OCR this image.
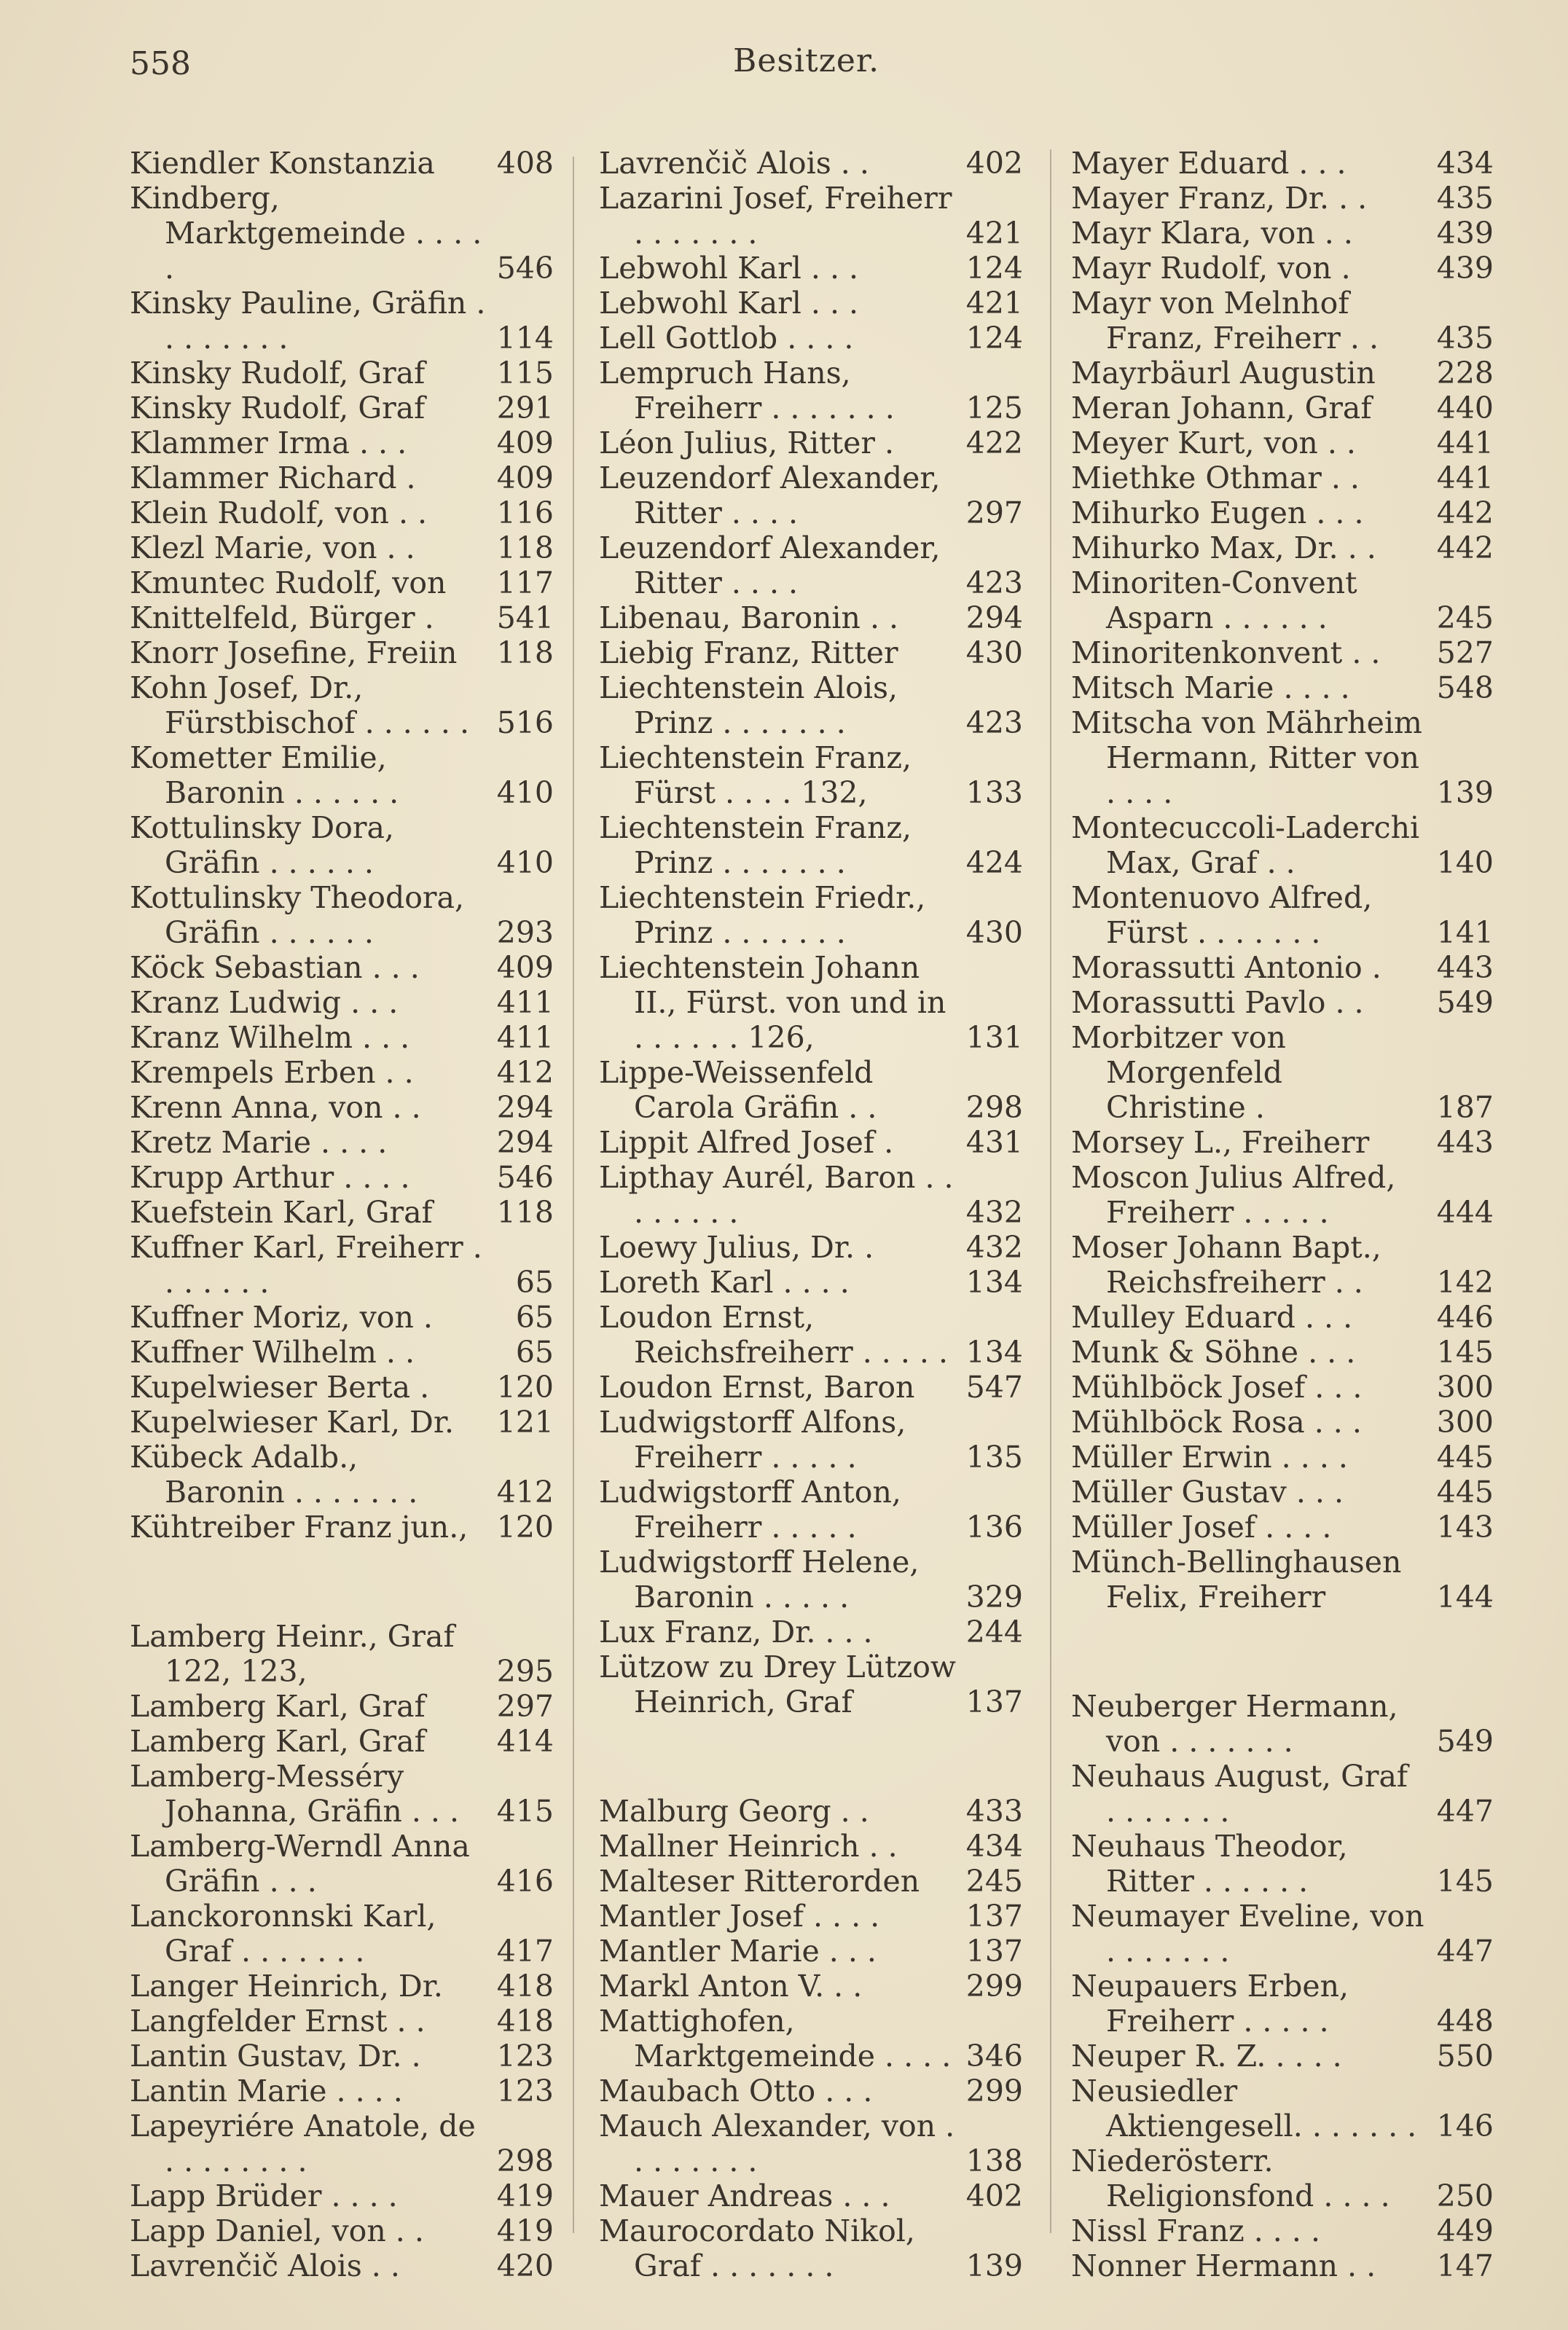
558	Besitzer.
Kiendler Konstanzia 408
Kindberg, Marktgemeinde . . . . .	546
Kinsky Pauline, Gräfin . . . . . . . .	114
Kinsky Rudolf, Graf 115
Kinsky Rudolf, Graf 291
Klammer Irma . . .	409
Klammer Richard .	409
Klein Rudolf, von . . 116
Klezl Marie, von . .	118
Kmuntec Rudolf, von 117
Knittelfeld, Bürger . 541
Knorr Josefine, Freiin 118
Kohn Josef, Dr., Fürstbischof . . . . . . 516
Kometter Emilie, Baronin . . . . . .	410
Kottulinsky Dora, Gräfin . . . . . .	410
Kottulinsky Theodora, Gräfin . . . . . .	293
Köck Sebastian . . .	409
Kranz Ludwig . . .	411
Kranz Wilhelm . . .	411
Krempels Erben . .	412
Krenn Anna, von . .	294
Kretz Marie . . . .	294
Krupp Arthur . . . .	546
Kuefstein Karl, Graf 118
Kuffner Karl, Freiherr . . . . . . .	65
Kuffner Moriz, von .	65
Kuffner Wilhelm . .	65
Kupelwieser Berta . 120
Kupelwieser Karl, Dr. 121
Kübeck Adalb., Baronin . . . . . . .	412
Kühtreiber Franz jun., 120
Lamberg Heinr., Graf 122, 123,	295
Lamberg Karl, Graf 297
Lamberg Karl, Graf 414
Lamberg-Messéry Johanna, Gräfin . . . 415
Lamberg-Werndl Anna Gräfin . . .	416
Lanckoronnski Karl, Graf . . . . . . .	417
Langer Heinrich, Dr. 418
Langfelder Ernst . . 418
Lantin Gustav, Dr. .	123
Lantin Marie . . . .	123
Lapeyriére Anatole, de . . . . . . . .	298
Lapp Brüder . . . .	419
Lapp Daniel, von . . 419
Lavrenčič Alois . .	420
Lavrenčič Alois . .	402
Lazarini Josef, Freiherr . . . . . . .	421
Lebwohl Karl . . .	124
Lebwohl Karl . . .	421
Lell Gottlob . . . .	124
Lempruch Hans, Freiherr . . . . . . . 125
Léon Julius, Ritter . 422
Leuzendorf Alexander, Ritter . . . .	297
Leuzendorf Alexander, Ritter . . . .	423
Libenau, Baronin . . 294
Liebig Franz, Ritter 430
Liechtenstein Alois, Prinz . . . . . . .	423
Liechtenstein Franz, Fürst . . . . 132,	133
Liechtenstein Franz, Prinz . . . . . . .	424
Liechtenstein Friedr., Prinz . . . . . . .	430
Liechtenstein Johann II., Fürst. von und in . . . . . . 126,	131
Lippe-Weissenfeld Carola Gräfin . .	298
Lippit Alfred Josef . 431
Lipthay Aurél, Baron . . . . . . . .	432
Loewy Julius, Dr. .	432
Loreth Karl . . . .	134
Loudon Ernst, Reichsfreiherr . . . . . 134
Loudon Ernst, Baron 547
Ludwigstorff Alfons, Freiherr . . . . .	135
Ludwigstorff Anton, Freiherr . . . . .	136
Ludwigstorff Helene, Baronin . . . . .	329
Lux Franz, Dr. . . .	244
Lützow zu Drey Lützow Heinrich, Graf	137
Malburg Georg . .	433
Mallner Heinrich . . 434
Malteser Ritterorden 245
Mantler Josef . . . .	137
Mantler Marie . . .	137
Markl Anton V. . .	299
Mattighofen, Marktgemeinde . . . . 346
Maubach Otto . . .	299
Mauch Alexander, von . . . . . . . .	138
Mauer Andreas . . .	402
Maurocordato Nikol, Graf . . . . . . .	139
Mayer Eduard . . .	434
Mayer Franz, Dr. . . 435
Mayr Klara, von . .	439
Mayr Rudolf, von .	439
Mayr von Melnhof Franz, Freiherr . . 435
Mayrbäurl Augustin 228
Meran Johann, Graf 440
Meyer Kurt, von . .	441
Miethke Othmar . .	441
Mihurko Eugen . . . 442
Mihurko Max, Dr. . . 442
Minoriten-Convent Asparn . . . . . .	245
Minoritenkonvent . . 527
Mitsch Marie . . . .	548
Mitscha von Mährheim Hermann, Ritter von . . . .	139
Montecuccoli-Laderchi Max, Graf . .	140
Montenuovo Alfred, Fürst . . . . . . .	141
Morassutti Antonio . 443
Morassutti Pavlo . . 549
Morbitzer von Morgenfeld Christine .	187
Morsey L., Freiherr 443
Moscon Julius Alfred, Freiherr . . . . .	444
Moser Johann Bapt., Reichsfreiherr . . 142
Mulley Eduard . . .	446
Munk & Söhne . . .	145
Mühlböck Josef . . . 300
Mühlböck Rosa . . .	300
Müller Erwin . . . .	445
Müller Gustav . . .	445
Müller Josef . . . .	143
Münch-Bellinghausen Felix, Freiherr	144
Neuberger Hermann, von . . . . . . .	549
Neuhaus August, Graf . . . . . . .	447
Neuhaus Theodor, Ritter . . . . . .	145
Neumayer Eveline, von . . . . . . .	447
Neupauers Erben, Freiherr . . . . .	448
Neuper R. Z. . . . .	550
Neusiedler Aktiengesell. . . . . . . 146
Niederösterr. Religionsfond . . . . 250
Nissl Franz . . . .	449
Nonner Hermann . . 147
